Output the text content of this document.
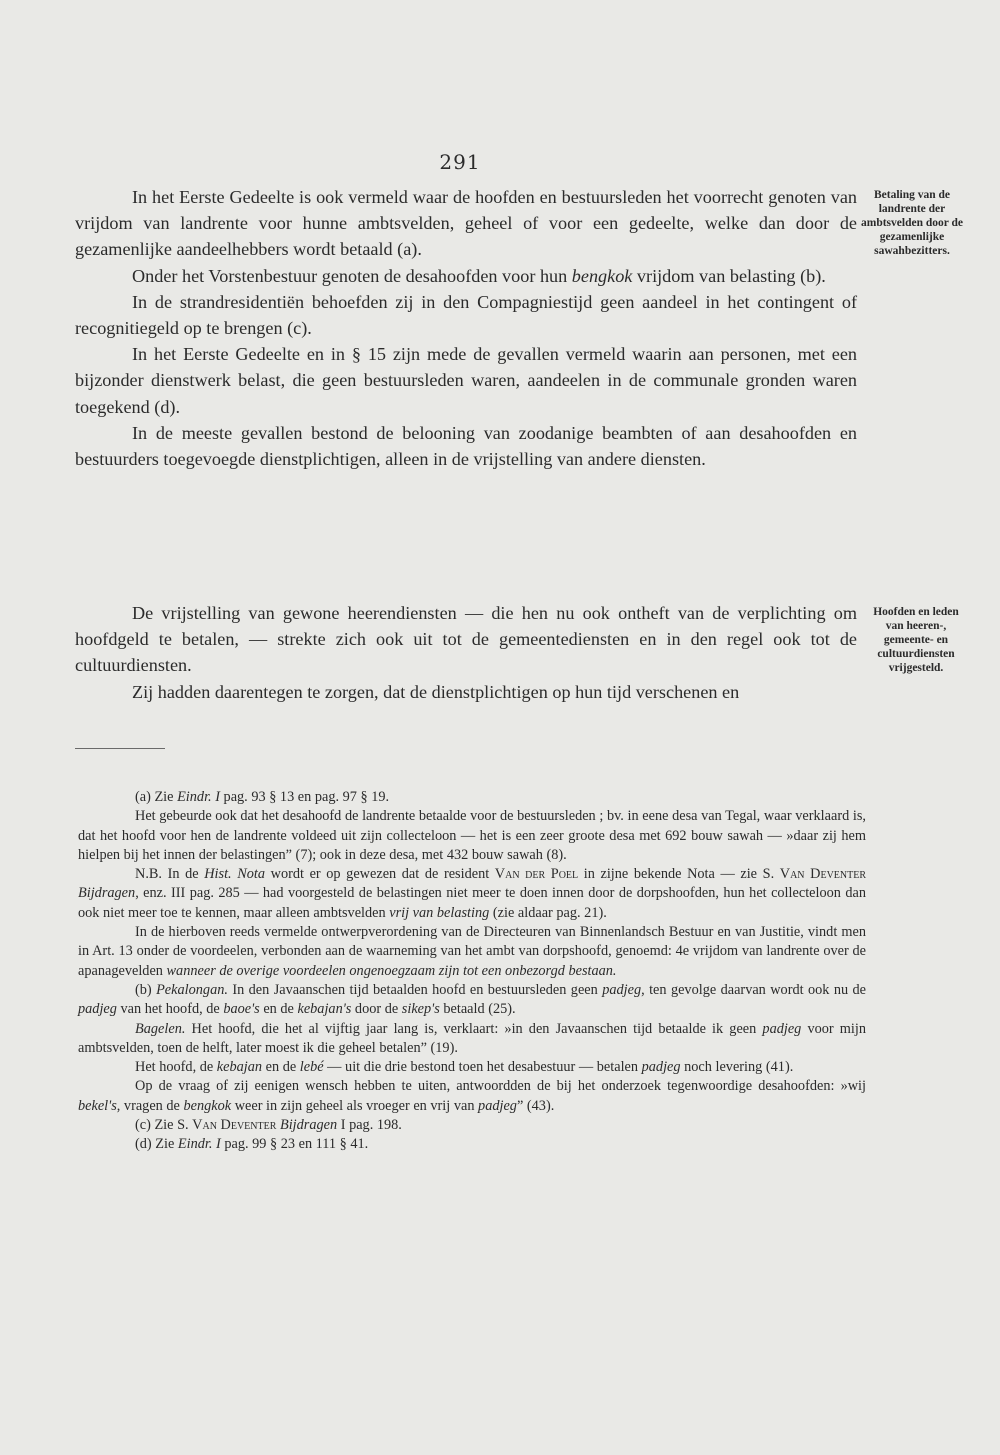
291

In het Eerste Gedeelte is ook vermeld waar de hoofden en bestuursleden het voorrecht genoten van vrijdom van landrente voor hunne ambtsvelden, geheel of voor een gedeelte, welke dan door de gezamenlijke aandeelhebbers wordt betaald (a).

Onder het Vorstenbestuur genoten de desahoofden voor hun bengkok vrijdom van belasting (b).

In de strandresidentiën behoefden zij in den Compagniestijd geen aandeel in het contingent of recognitiegeld op te brengen (c).

In het Eerste Gedeelte en in § 15 zijn mede de gevallen vermeld waarin aan personen, met een bijzonder dienstwerk belast, die geen bestuursleden waren, aandeelen in de communale gronden waren toegekend (d).

In de meeste gevallen bestond de belooning van zoodanige beambten of aan desahoofden en bestuurders toegevoegde dienstplichtigen, alleen in de vrijstelling van andere diensten.

Betaling van de landrente der ambtsvelden door de gezamenlijke sawahbezitters.

De vrijstelling van gewone heerendiensten — die hen nu ook ontheft van de verplichting om hoofdgeld te betalen, — strekte zich ook uit tot de gemeentediensten en in den regel ook tot de cultuurdiensten.

Zij hadden daarentegen te zorgen, dat de dienstplichtigen op hun tijd verschenen en

Hoofden en leden van heeren-, gemeente- en cultuurdiensten vrijgesteld.

(a) Zie Eindr. I pag. 93 § 13 en pag. 97 § 19.

Het gebeurde ook dat het desahoofd de landrente betaalde voor de bestuursleden ; bv. in eene desa van Tegal, waar verklaard is, dat het hoofd voor hen de landrente voldeed uit zijn collecteloon — het is een zeer groote desa met 692 bouw sawah — »daar zij hem hielpen bij het innen der belastingen” (7); ook in deze desa, met 432 bouw sawah (8).

N.B. In de Hist. Nota wordt er op gewezen dat de resident Van der Poel in zijne bekende Nota — zie S. Van Deventer Bijdragen, enz. III pag. 285 — had voorgesteld de belastingen niet meer te doen innen door de dorpshoofden, hun het collecteloon dan ook niet meer toe te kennen, maar alleen ambtsvelden vrij van belasting (zie aldaar pag. 21).

In de hierboven reeds vermelde ontwerpverordening van de Directeuren van Binnenlandsch Bestuur en van Justitie, vindt men in Art. 13 onder de voordeelen, verbonden aan de waarneming van het ambt van dorpshoofd, genoemd: 4e vrijdom van landrente over de apanagevelden wanneer de overige voordeelen ongenoegzaam zijn tot een onbezorgd bestaan.

(b) Pekalongan. In den Javaanschen tijd betaalden hoofd en bestuursleden geen padjeg, ten gevolge daarvan wordt ook nu de padjeg van het hoofd, de baoe's en de kebajan's door de sikep's betaald (25).

Bagelen. Het hoofd, die het al vijftig jaar lang is, verklaart: »in den Javaanschen tijd betaalde ik geen padjeg voor mijn ambtsvelden, toen de helft, later moest ik die geheel betalen” (19).

Het hoofd, de kebajan en de lebé — uit die drie bestond toen het desabestuur — betalen padjeg noch levering (41).

Op de vraag of zij eenigen wensch hebben te uiten, antwoordden de bij het onderzoek tegenwoordige desahoofden: »wij bekel's, vragen de bengkok weer in zijn geheel als vroeger en vrij van padjeg” (43).

(c) Zie S. Van Deventer Bijdragen I pag. 198.

(d) Zie Eindr. I pag. 99 § 23 en 111 § 41.
